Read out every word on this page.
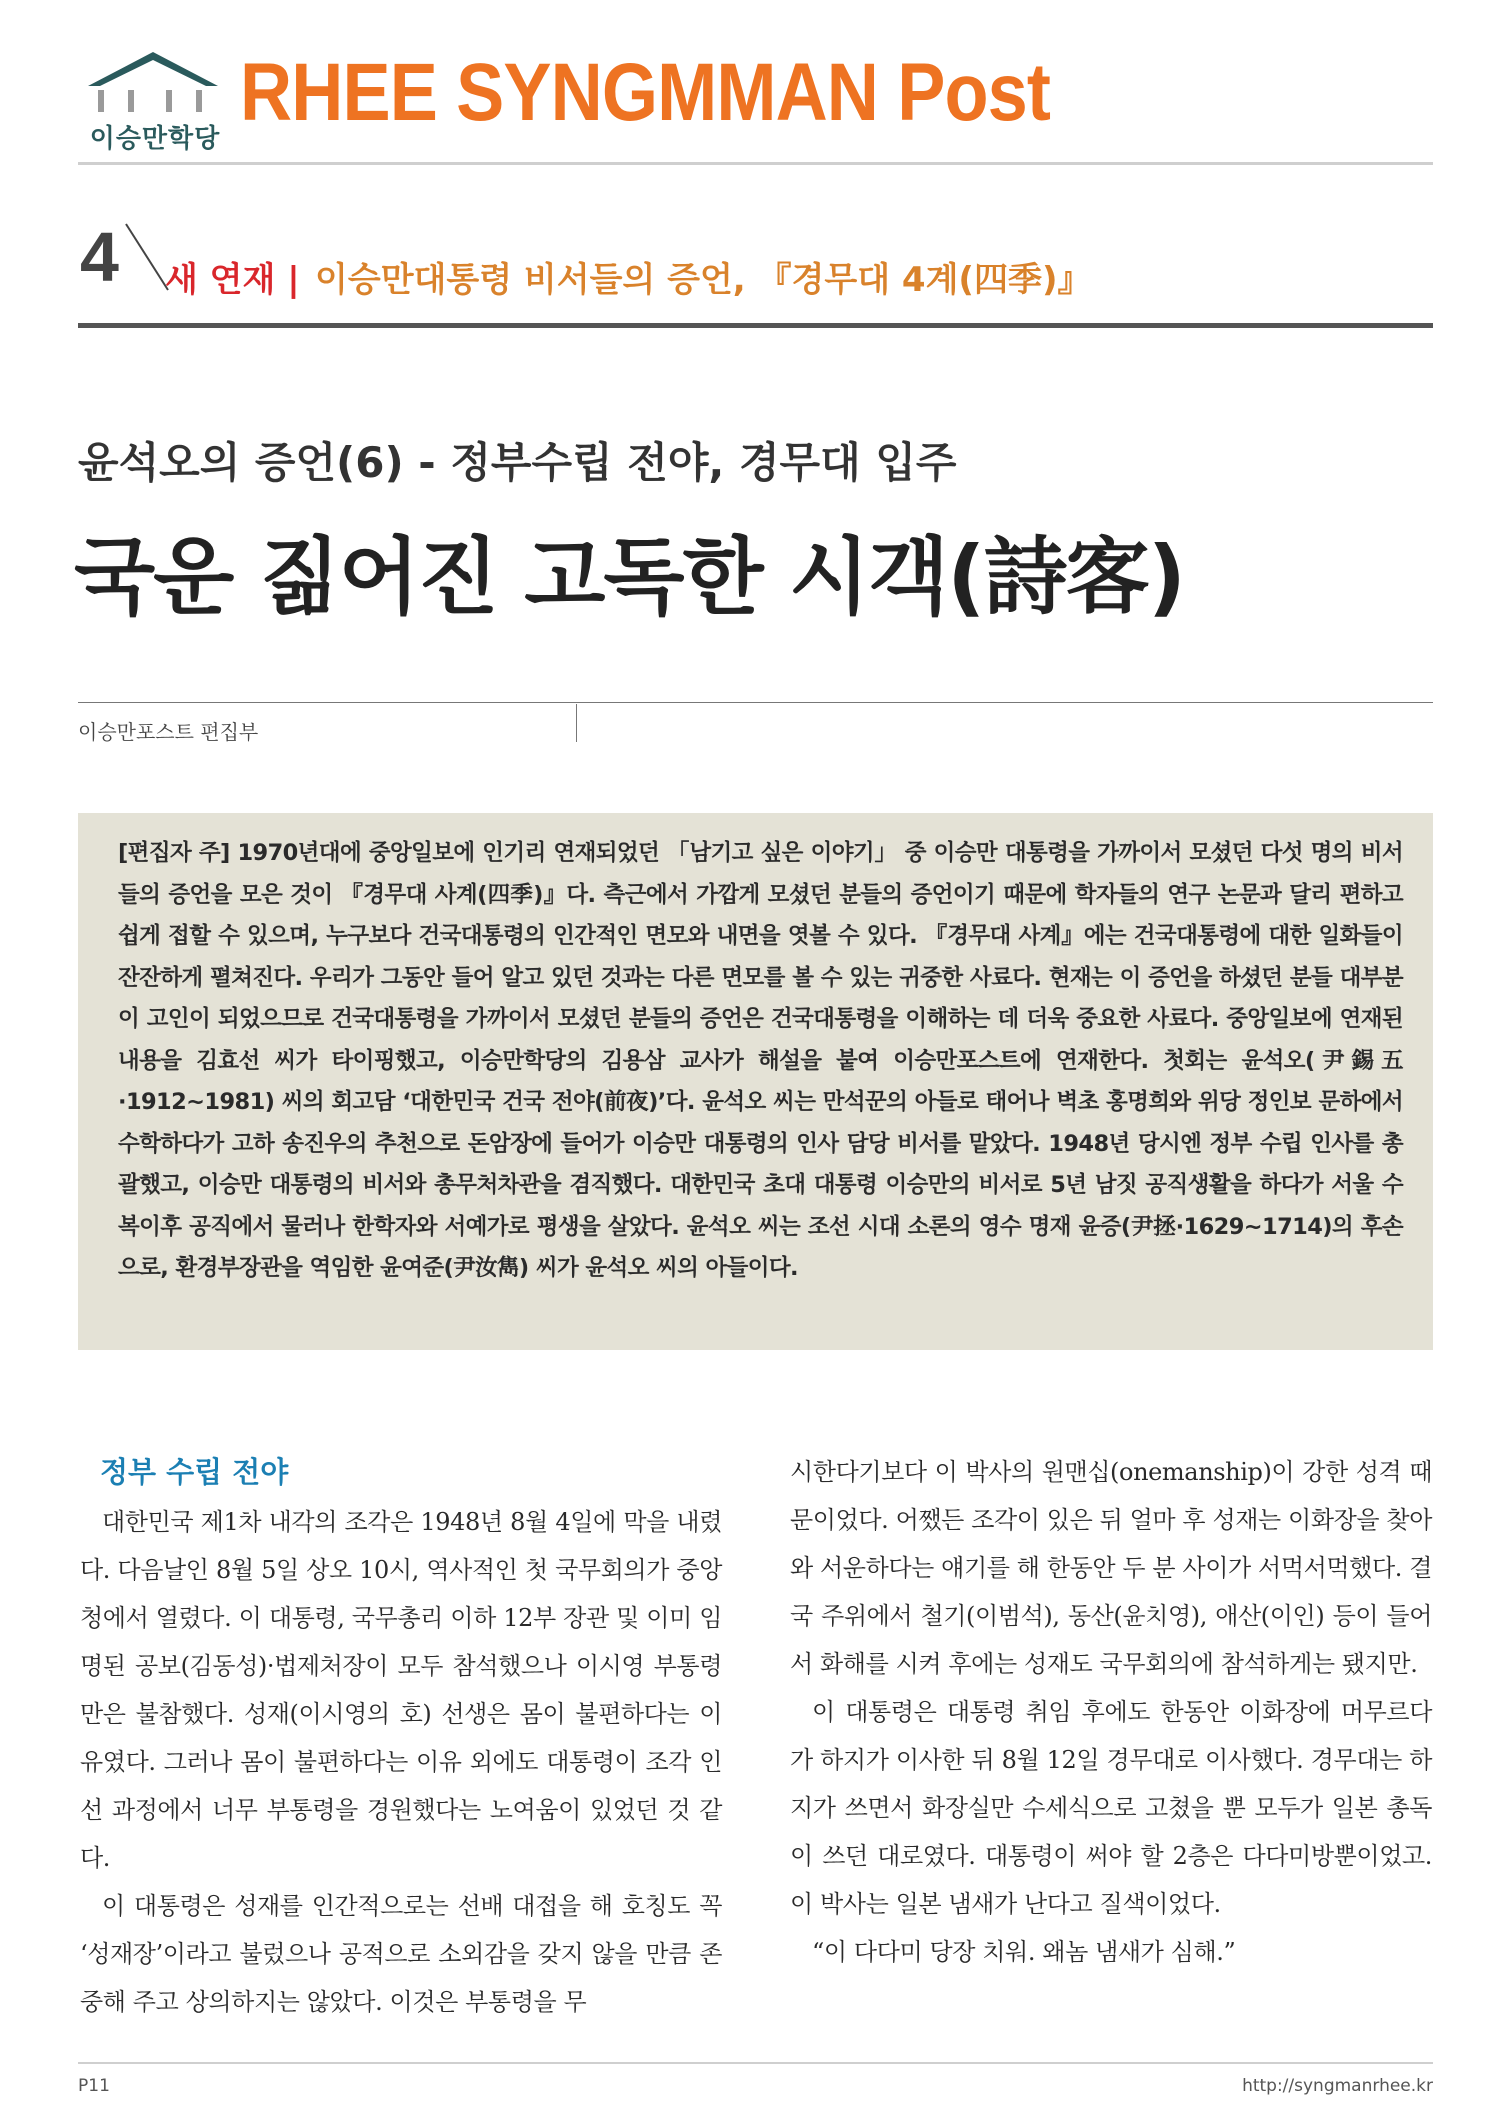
이승만학당
RHEE SYNGMMAN Post
4 새 연재 | 이승만대통령 비서들의 증언, 『경무대 4계(四季)』
윤석오의 증언(6) - 정부수립 전야, 경무대 입주
국운 짊어진 고독한 시객(詩客)
이승만포스트 편집부

[편집자 주] 1970년대에 중앙일보에 인기리 연재되었던 「남기고 싶은 이야기」 중 이승만 대통령을 가까이서 모셨던 다섯 명의 비서들의 증언을 모은 것이 『경무대 사계(四季)』다. 측근에서 가깝게 모셨던 분들의 증언이기 때문에 학자들의 연구 논문과 달리 편하고 쉽게 접할 수 있으며, 누구보다 건국대통령의 인간적인 면모와 내면을 엿볼 수 있다. 『경무대 사계』에는 건국대통령에 대한 일화들이 잔잔하게 펼쳐진다. 우리가 그동안 들어 알고 있던 것과는 다른 면모를 볼 수 있는 귀중한 사료다. 현재는 이 증언을 하셨던 분들 대부분이 고인이 되었으므로 건국대통령을 가까이서 모셨던 분들의 증언은 건국대통령을 이해하는 데 더욱 중요한 사료다. 중앙일보에 연재된 내용을 김효선 씨가 타이핑했고, 이승만학당의 김용삼 교사가 해설을 붙여 이승만포스트에 연재한다. 첫회는 윤석오(尹錫五·1912~1981) 씨의 회고담 ‘대한민국 건국 전야(前夜)’다. 윤석오 씨는 만석꾼의 아들로 태어나 벽초 홍명희와 위당 정인보 문하에서 수학하다가 고하 송진우의 추천으로 돈암장에 들어가 이승만 대통령의 인사 담당 비서를 맡았다. 1948년 당시엔 정부 수립 인사를 총괄했고, 이승만 대통령의 비서와 총무처차관을 겸직했다. 대한민국 초대 대통령 이승만의 비서로 5년 남짓 공직생활을 하다가 서울 수복이후 공직에서 물러나 한학자와 서예가로 평생을 살았다. 윤석오 씨는 조선 시대 소론의 영수 명재 윤증(尹拯·1629~1714)의 후손으로, 환경부장관을 역임한 윤여준(尹汝雋) 씨가 윤석오 씨의 아들이다.

정부 수립 전야

대한민국 제1차 내각의 조각은 1948년 8월 4일에 막을 내렸다. 다음날인 8월 5일 상오 10시, 역사적인 첫 국무회의가 중앙청에서 열렸다. 이 대통령, 국무총리 이하 12부 장관 및 이미 임명된 공보(김동성)·법제처장이 모두 참석했으나 이시영 부통령만은 불참했다. 성재(이시영의 호) 선생은 몸이 불편하다는 이유였다. 그러나 몸이 불편하다는 이유 외에도 대통령이 조각 인선 과정에서 너무 부통령을 경원했다는 노여움이 있었던 것 같다.

이 대통령은 성재를 인간적으로는 선배 대접을 해 호칭도 꼭 ‘성재장’이라고 불렀으나 공적으로 소외감을 갖지 않을 만큼 존중해 주고 상의하지는 않았다. 이것은 부통령을 무

시한다기보다 이 박사의 원맨십(onemanship)이 강한 성격 때문이었다. 어쨌든 조각이 있은 뒤 얼마 후 성재는 이화장을 찾아와 서운하다는 얘기를 해 한동안 두 분 사이가 서먹서먹했다. 결국 주위에서 철기(이범석), 동산(윤치영), 애산(이인) 등이 들어서 화해를 시켜 후에는 성재도 국무회의에 참석하게는 됐지만.

이 대통령은 대통령 취임 후에도 한동안 이화장에 머무르다가 하지가 이사한 뒤 8월 12일 경무대로 이사했다. 경무대는 하지가 쓰면서 화장실만 수세식으로 고쳤을 뿐 모두가 일본 총독이 쓰던 대로였다. 대통령이 써야 할 2층은 다다미방뿐이었고. 이 박사는 일본 냄새가 난다고 질색이었다.

“이 다다미 당장 치워. 왜놈 냄새가 심해.”

P11	http://syngmanrhee.kr
